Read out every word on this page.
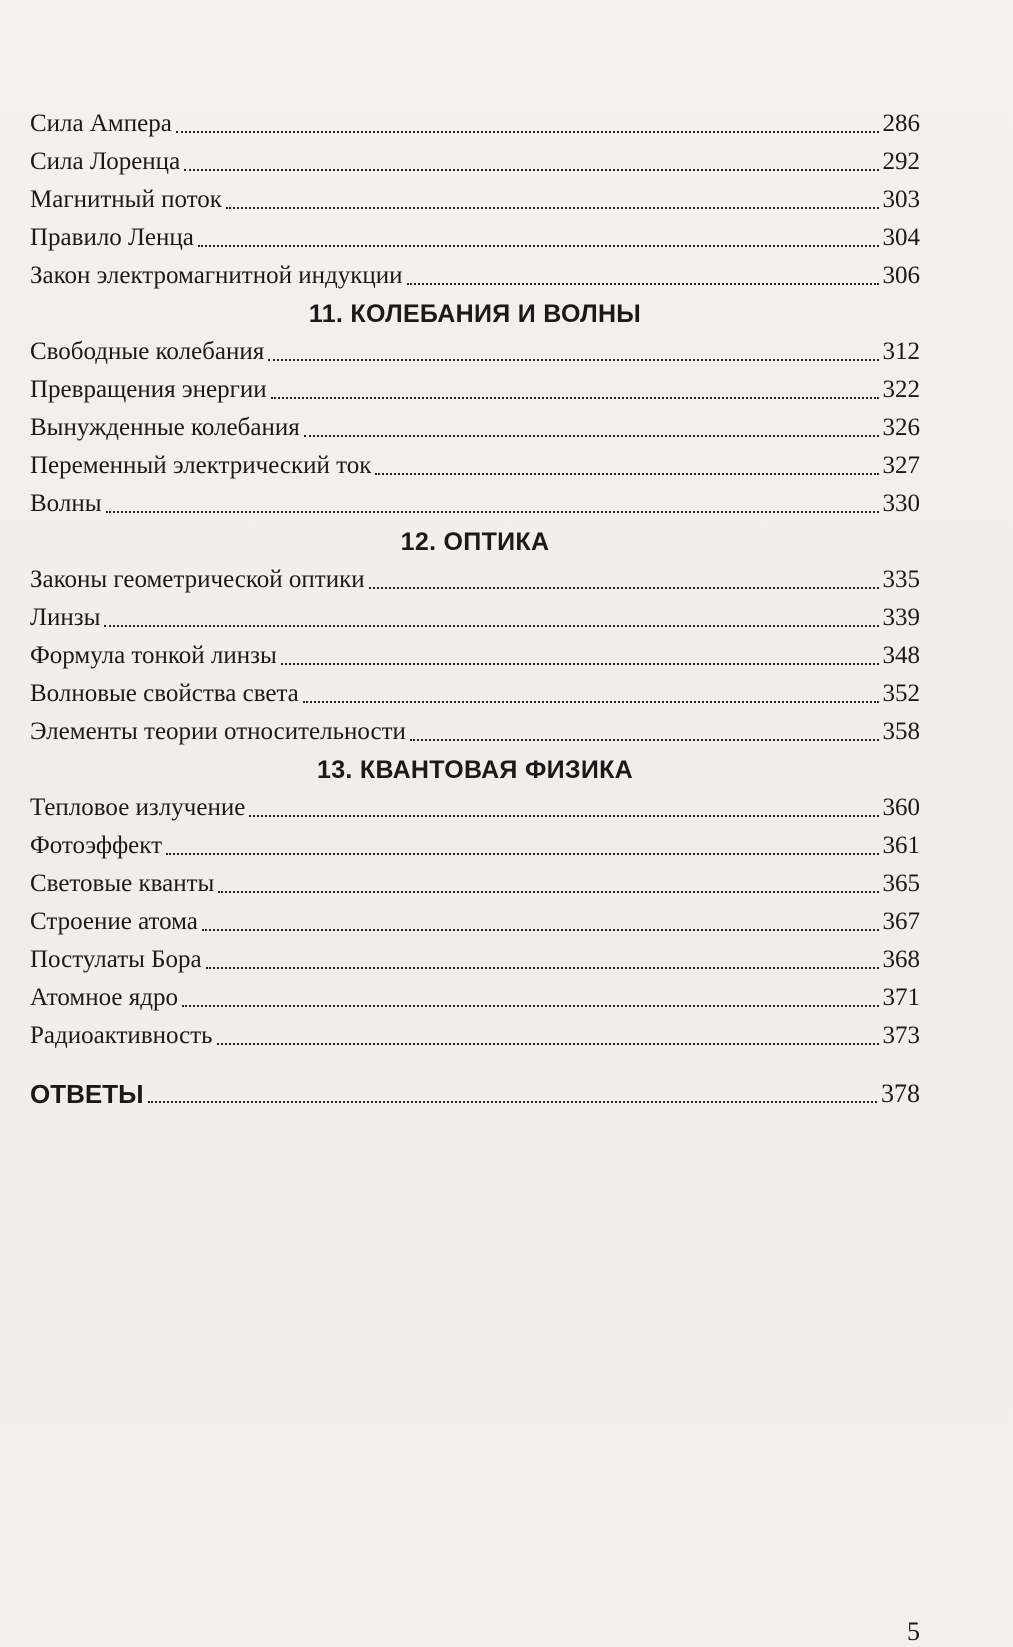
Сила Ампера	286
Сила Лоренца	292
Магнитный поток	303
Правило Ленца	304
Закон электромагнитной индукции	306
11. КОЛЕБАНИЯ И ВОЛНЫ
Свободные колебания	312
Превращения энергии	322
Вынужденные колебания	326
Переменный электрический ток	327
Волны	330
12. ОПТИКА
Законы геометрической оптики	335
Линзы	339
Формула тонкой линзы	348
Волновые свойства света	352
Элементы теории относительности	358
13. КВАНТОВАЯ ФИЗИКА
Тепловое излучение	360
Фотоэффект	361
Световые кванты	365
Строение атома	367
Постулаты Бора	368
Атомное ядро	371
Радиоактивность	373
ОТВЕТЫ	378
5
